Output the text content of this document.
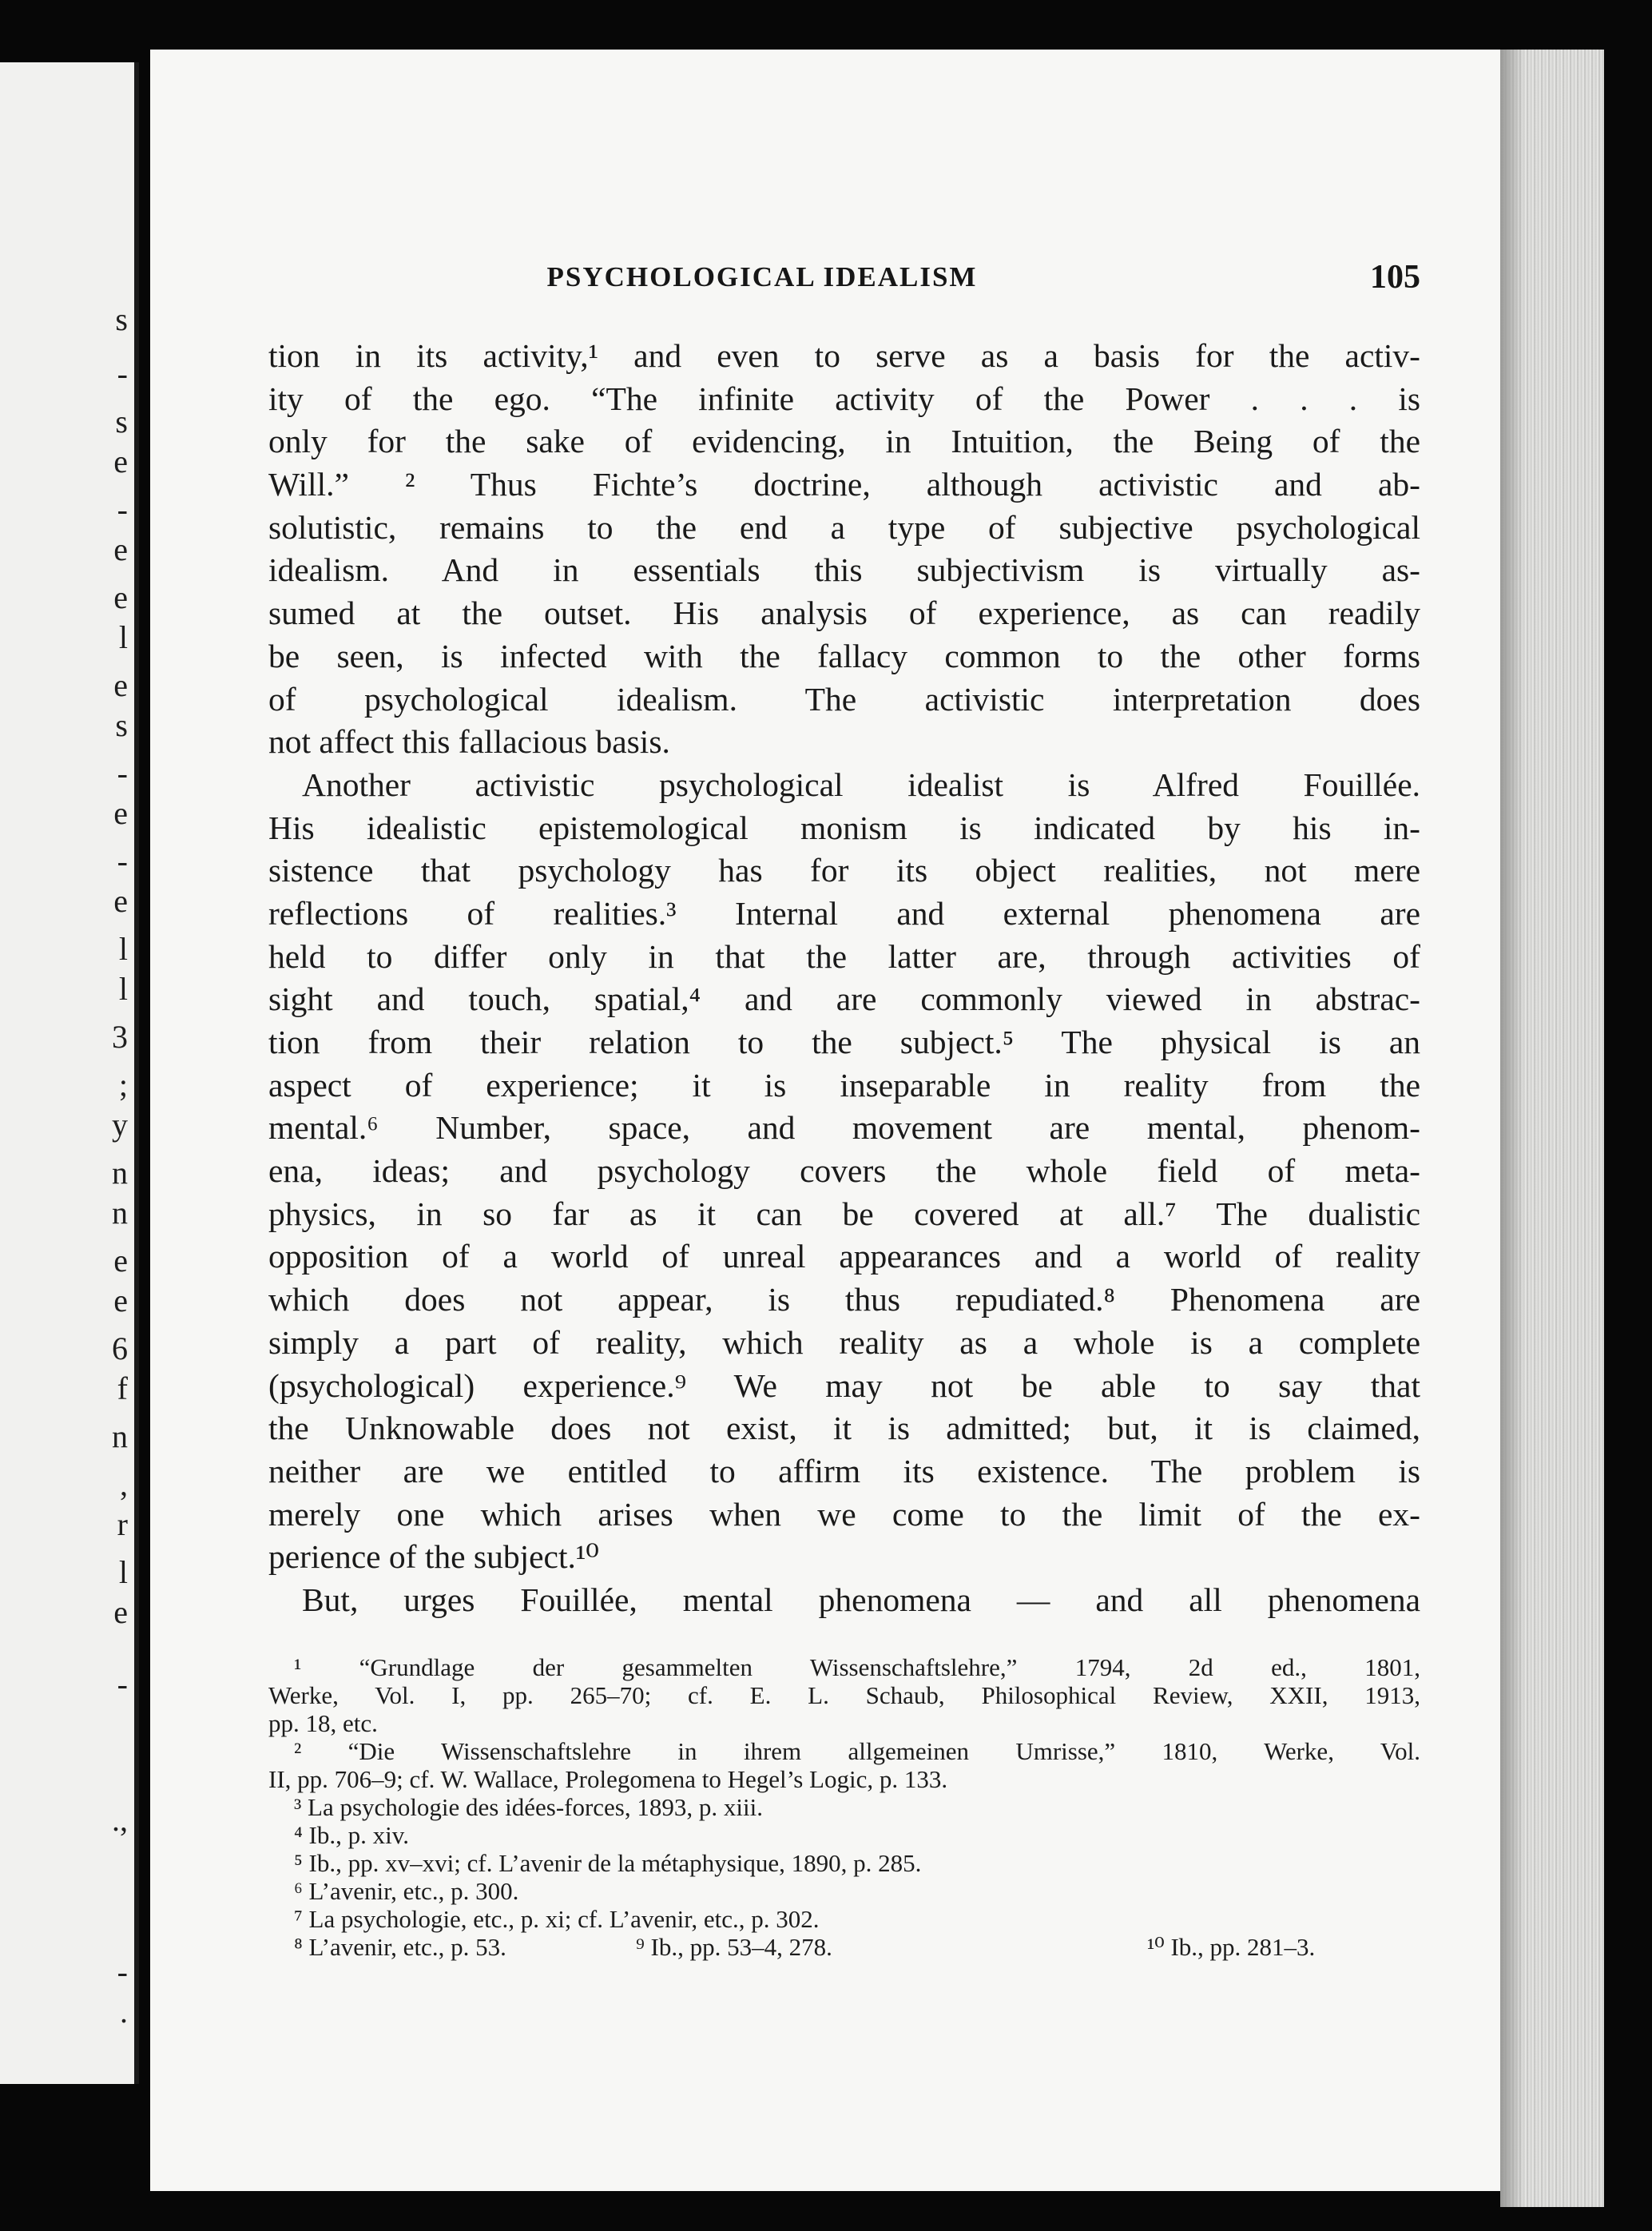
s
-
s
e
-
e
e
l
e
s
-
e
-
e
l
l
3
;
y
n
n
e
e
6
f
n
,
r
l
e
-
.,
-
.
PSYCHOLOGICAL IDEALISM	105
tion in its activity,¹ and even to serve as a basis for the activ-
ity of the ego. “The infinite activity of the Power . . . is
only for the sake of evidencing, in Intuition, the Being of the
Will.” ² Thus Fichte’s doctrine, although activistic and ab-
solutistic, remains to the end a type of subjective psychological
idealism. And in essentials this subjectivism is virtually as-
sumed at the outset. His analysis of experience, as can readily
be seen, is infected with the fallacy common to the other forms
of psychological idealism. The activistic interpretation does
not affect this fallacious basis.
Another activistic psychological idealist is Alfred Fouillée.
His idealistic epistemological monism is indicated by his in-
sistence that psychology has for its object realities, not mere
reflections of realities.³ Internal and external phenomena are
held to differ only in that the latter are, through activities of
sight and touch, spatial,⁴ and are commonly viewed in abstrac-
tion from their relation to the subject.⁵ The physical is an
aspect of experience; it is inseparable in reality from the
mental.⁶ Number, space, and movement are mental, phenom-
ena, ideas; and psychology covers the whole field of meta-
physics, in so far as it can be covered at all.⁷ The dualistic
opposition of a world of unreal appearances and a world of reality
which does not appear, is thus repudiated.⁸ Phenomena are
simply a part of reality, which reality as a whole is a complete
(psychological) experience.⁹ We may not be able to say that
the Unknowable does not exist, it is admitted; but, it is claimed,
neither are we entitled to affirm its existence. The problem is
merely one which arises when we come to the limit of the ex-
perience of the subject.¹⁰
But, urges Fouillée, mental phenomena — and all phenomena
¹ “Grundlage der gesammelten Wissenschaftslehre,” 1794, 2d ed., 1801,
Werke, Vol. I, pp. 265–70; cf. E. L. Schaub, Philosophical Review, XXII, 1913,
pp. 18, etc.
² “Die Wissenschaftslehre in ihrem allgemeinen Umrisse,” 1810, Werke, Vol.
II, pp. 706–9; cf. W. Wallace, Prolegomena to Hegel’s Logic, p. 133.
³ La psychologie des idées-forces, 1893, p. xiii.
⁴ Ib., p. xiv.
⁵ Ib., pp. xv–xvi; cf. L’avenir de la métaphysique, 1890, p. 285.
⁶ L’avenir, etc., p. 300.
⁷ La psychologie, etc., p. xi; cf. L’avenir, etc., p. 302.
⁸ L’avenir, etc., p. 53.	⁹ Ib., pp. 53–4, 278.	¹⁰ Ib., pp. 281–3.
